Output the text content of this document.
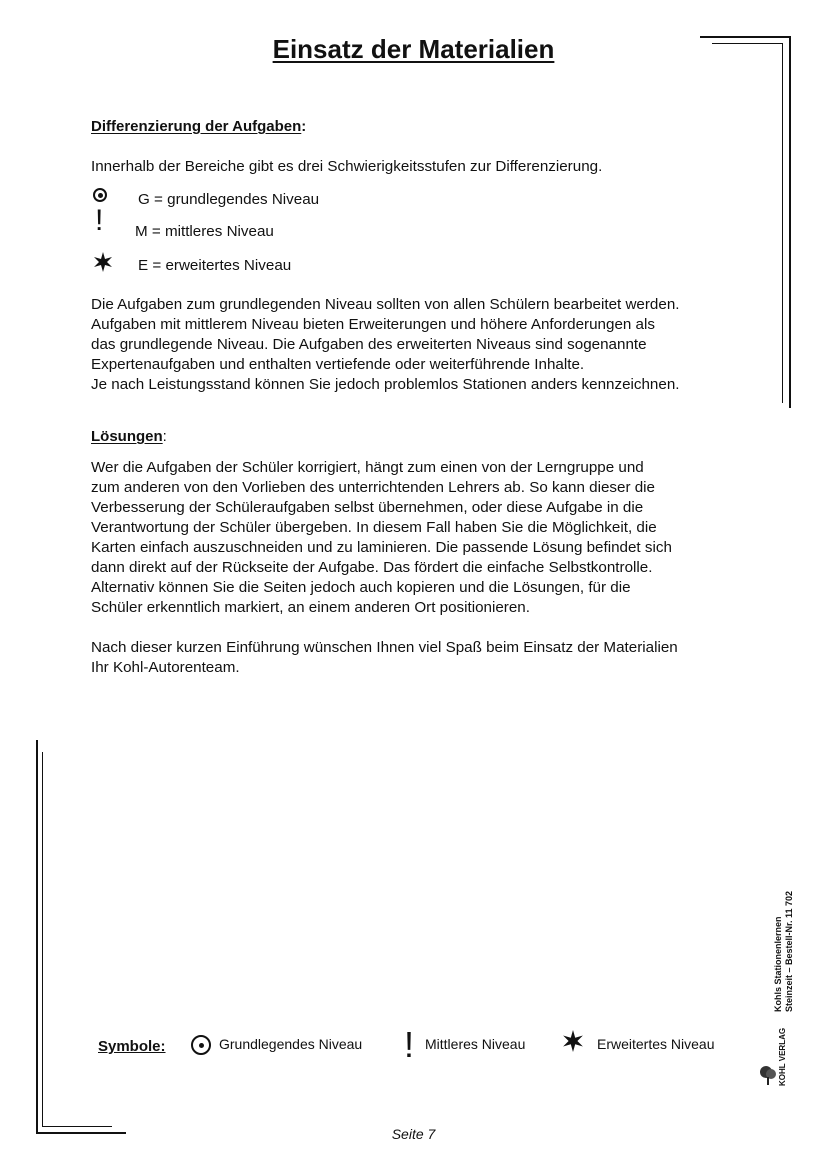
Einsatz der Materialien
Differenzierung der Aufgaben:
Innerhalb der Bereiche gibt es drei Schwierigkeitsstufen zur Differenzierung.
G = grundlegendes Niveau
! M = mittleres Niveau
E = erweitertes Niveau
Die Aufgaben zum grundlegenden Niveau sollten von allen Schülern bearbeitet werden.
Aufgaben mit mittlerem Niveau bieten Erweiterungen und höhere Anforderungen als
das grundlegende Niveau. Die Aufgaben des erweiterten Niveaus sind sogenannte
Expertenaufgaben und enthalten vertiefende oder weiterführende Inhalte.
Je nach Leistungsstand können Sie jedoch problemlos Stationen anders kennzeichnen.
Lösungen:
Wer die Aufgaben der Schüler korrigiert, hängt zum einen von der Lerngruppe und
zum anderen von den Vorlieben des unterrichtenden Lehrers ab. So kann dieser die
Verbesserung der Schüleraufgaben selbst übernehmen, oder diese Aufgabe in die
Verantwortung der Schüler übergeben. In diesem Fall haben Sie die Möglichkeit, die
Karten einfach auszuschneiden und zu laminieren. Die passende Lösung befindet sich
dann direkt auf der Rückseite der Aufgabe. Das fördert die einfache Selbstkontrolle.
Alternativ können Sie die Seiten jedoch auch kopieren und die Lösungen, für die
Schüler erkenntlich markiert, an einem anderen Ort positionieren.
Nach dieser kurzen Einführung wünschen Ihnen viel Spaß beim Einsatz der Materialien
Ihr Kohl-Autorenteam.
Kohls Stationenlernen Steinzeit – Bestell-Nr. 11 702
KOHL VERLAG
Symbole:	Grundlegendes Niveau ! Mittleres Niveau	Erweitertes Niveau
Seite 7
